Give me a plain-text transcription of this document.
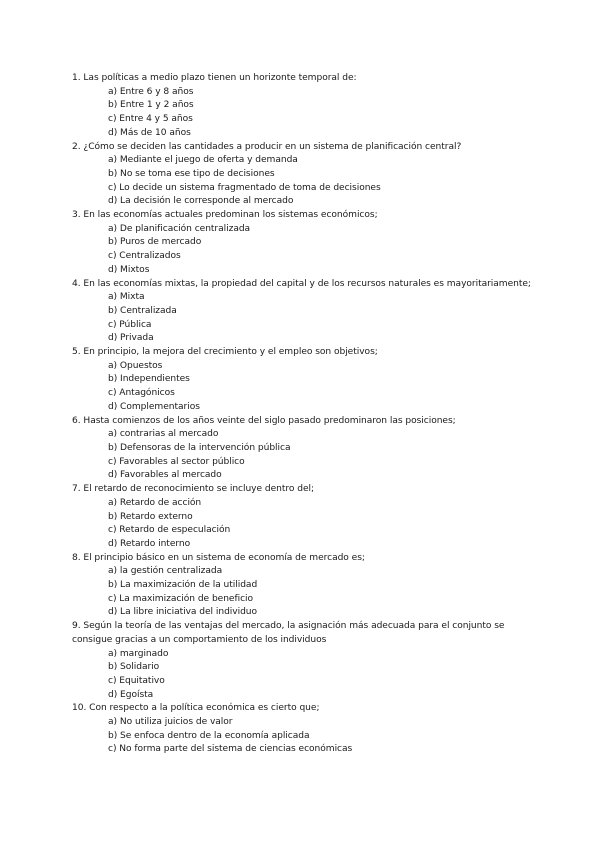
1. Las políticas a medio plazo tienen un horizonte temporal de:
a) Entre 6 y 8 años
b) Entre 1 y 2 años
c) Entre 4 y 5 años
d) Más de 10 años
2. ¿Cómo se deciden las cantidades a producir en un sistema de planificación central?
a) Mediante el juego de oferta y demanda
b) No se toma ese tipo de decisiones
c) Lo decide un sistema fragmentado de toma de decisiones
d) La decisión le corresponde al mercado
3. En las economías actuales predominan los sistemas económicos;
a) De planificación centralizada
b) Puros de mercado
c) Centralizados
d) Mixtos
4. En las economías mixtas, la propiedad del capital y de los recursos naturales es mayoritariamente;
a) Mixta
b) Centralizada
c) Pública
d) Privada
5. En principio, la mejora del crecimiento y el empleo son objetivos;
a) Opuestos
b) Independientes
c) Antagónicos
d) Complementarios
6. Hasta comienzos de los años veinte del siglo pasado predominaron las posiciones;
a) contrarias al mercado
b) Defensoras de la intervención pública
c) Favorables al sector público
d) Favorables al mercado
7. El retardo de reconocimiento se incluye dentro del;
a) Retardo de acción
b) Retardo externo
c) Retardo de especulación
d) Retardo interno
8. El principio básico en un sistema de economía de mercado es;
a) la gestión centralizada
b) La maximización de la utilidad
c) La maximización de beneficio
d) La libre iniciativa del individuo
9. Según la teoría de las ventajas del mercado, la asignación más adecuada para el conjunto se consigue gracias a un comportamiento de los individuos
a) marginado
b) Solidario
c) Equitativo
d) Egoísta
10. Con respecto a la política económica es cierto que;
a) No utiliza juicios de valor
b) Se enfoca dentro de la economía aplicada
c) No forma parte del sistema de ciencias económicas
